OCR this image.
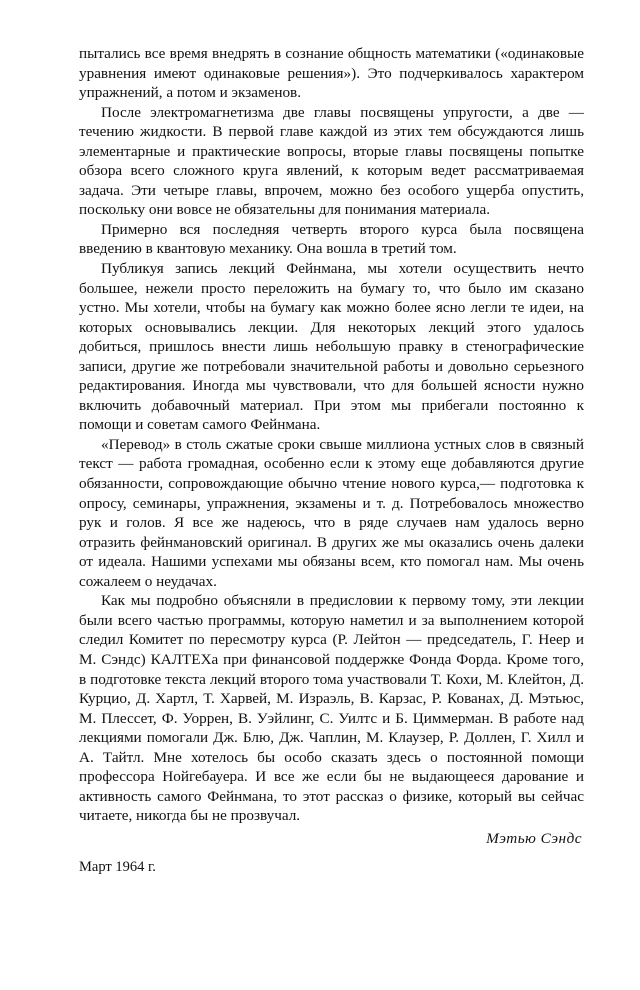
пытались все время внедрять в сознание общность математики («одинаковые уравнения имеют одинаковые решения»). Это подчеркивалось характером упражнений, а потом и экзаменов.

После электромагнетизма две главы посвящены упругости, а две — течению жидкости. В первой главе каждой из этих тем обсуждаются лишь элементарные и практические вопросы, вторые главы посвящены попытке обзора всего сложного круга явлений, к которым ведет рассматриваемая задача. Эти четыре главы, впрочем, можно без особого ущерба опустить, поскольку они вовсе не обязательны для понимания материала.

Примерно вся последняя четверть второго курса была посвящена введению в квантовую механику. Она вошла в третий том.

Публикуя запись лекций Фейнмана, мы хотели осуществить нечто большее, нежели просто переложить на бумагу то, что было им сказано устно. Мы хотели, чтобы на бумагу как можно более ясно легли те идеи, на которых основывались лекции. Для некоторых лекций этого удалось добиться, пришлось внести лишь небольшую правку в стенографические записи, другие же потребовали значительной работы и довольно серьезного редактирования. Иногда мы чувствовали, что для большей ясности нужно включить добавочный материал. При этом мы прибегали постоянно к помощи и советам самого Фейнмана.

«Перевод» в столь сжатые сроки свыше миллиона устных слов в связный текст — работа громадная, особенно если к этому еще добавляются другие обязанности, сопровождающие обычно чтение нового курса,— подготовка к опросу, семинары, упражнения, экзамены и т. д. Потребовалось множество рук и голов. Я все же надеюсь, что в ряде случаев нам удалось верно отразить фейнмановский оригинал. В других же мы оказались очень далеки от идеала. Нашими успехами мы обязаны всем, кто помогал нам. Мы очень сожалеем о неудачах.

Как мы подробно объясняли в предисловии к первому тому, эти лекции были всего частью программы, которую наметил и за выполнением которой следил Комитет по пересмотру курса (Р. Лейтон — председатель, Г. Неер и М. Сэндс) КАЛТЕХа при финансовой поддержке Фонда Форда. Кроме того, в подготовке текста лекций второго тома участвовали Т. Кохи, М. Клейтон, Д. Курцио, Д. Хартл, Т. Харвей, М. Израэль, В. Карзас, Р. Кованах, Д. Мэтьюс, М. Плессет, Ф. Уоррен, В. Уэйлинг, С. Уилтс и Б. Циммерман. В работе над лекциями помогали Дж. Блю, Дж. Чаплин, М. Клаузер, Р. Доллен, Г. Хилл и А. Тайтл. Мне хотелось бы особо сказать здесь о постоянной помощи профессора Нойгебауера. И все же если бы не выдающееся дарование и активность самого Фейнмана, то этот рассказ о физике, который вы сейчас читаете, никогда бы не прозвучал.

Мэтью Сэндс

Март 1964 г.
